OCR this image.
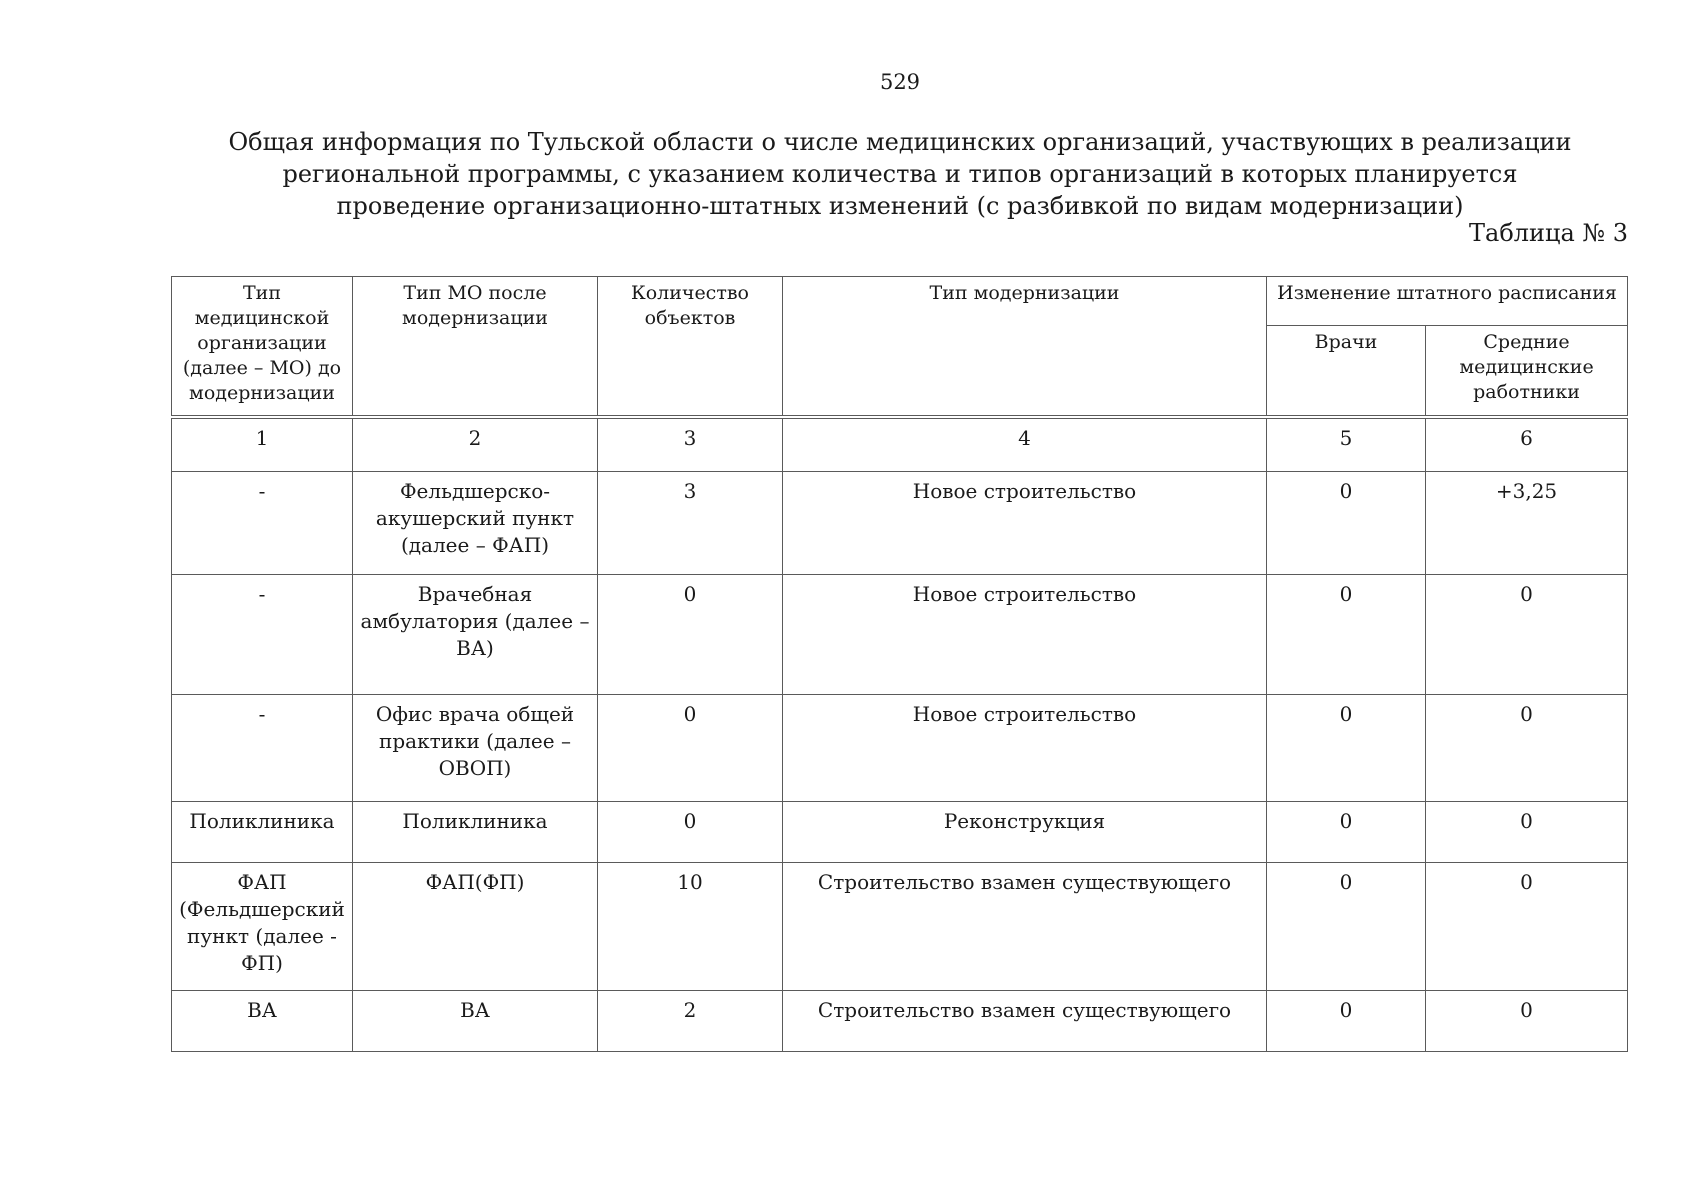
529
Общая информация по Тульской области о числе медицинских организаций, участвующих в реализации
региональной программы, с указанием количества и типов организаций в которых планируется
проведение организационно-штатных изменений (с разбивкой по видам модернизации)
Таблица № 3
Тип медицинской организации (далее – МО) до модернизации	Тип МО после модернизации	Количество объектов	Тип модернизации	Изменение штатного расписания	
				Врачи	Средние медицинские работники
1	2	3	4	5	6
-	Фельдшерско-акушерский пункт (далее – ФАП)	3	Новое строительство	0	+3,25
-	Врачебная амбулатория (далее – ВА)	0	Новое строительство	0	0
-	Офис врача общей практики (далее –ОВОП)	0	Новое строительство	0	0
Поликлиника	Поликлиника	0	Реконструкция	0	0
ФАП (Фельдшерский пункт (далее - ФП)	ФАП(ФП)	10	Строительство взамен существующего	0	0
ВА	ВА	2	Строительство взамен существующего	0	0
